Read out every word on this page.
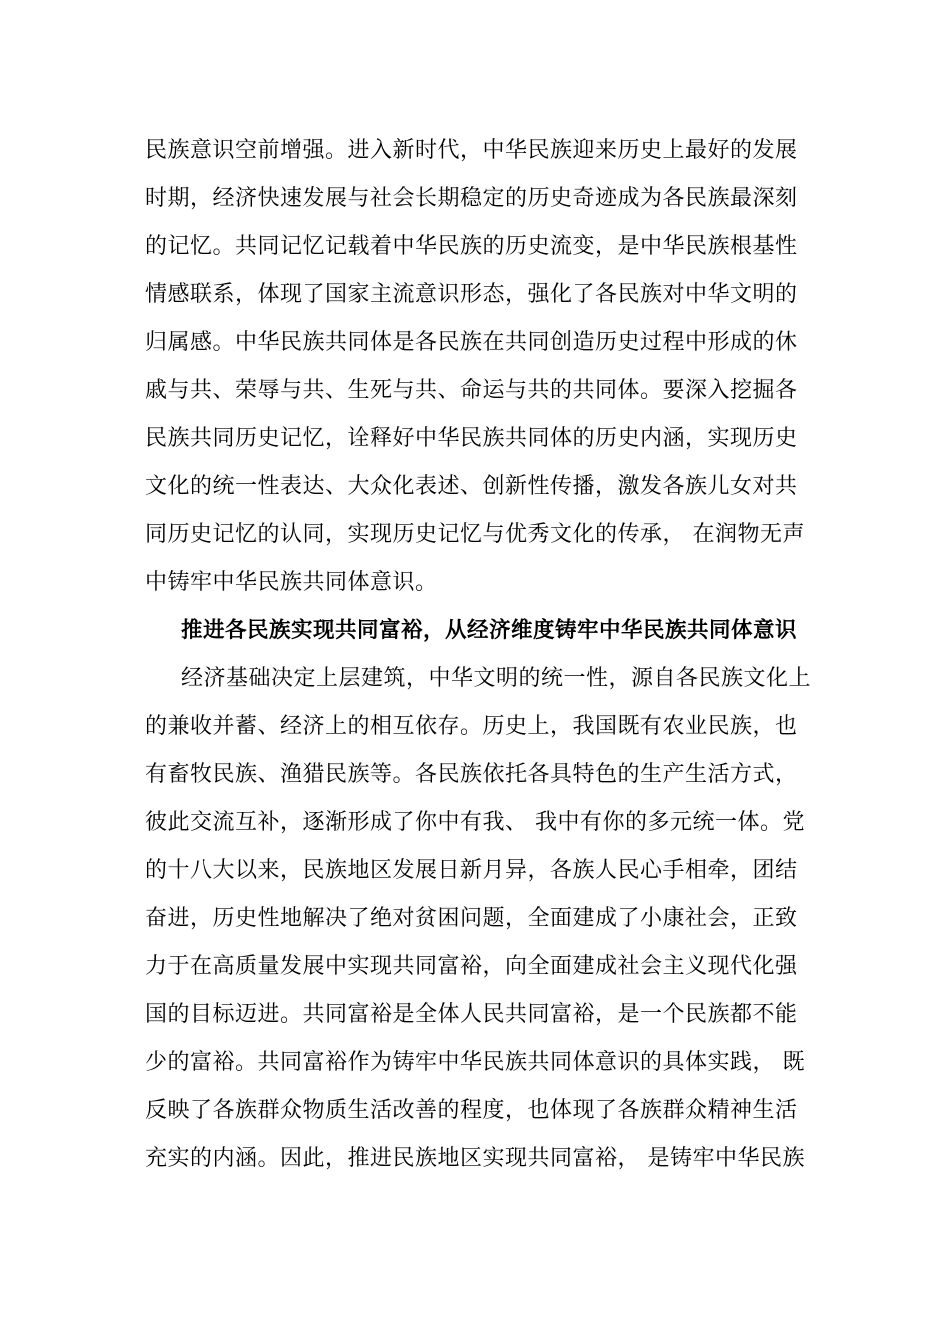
民族意识空前增强。进入新时代，中华民族迎来历史上最好的发展
时期，经济快速发展与社会长期稳定的历史奇迹成为各民族最深刻
的记忆。共同记忆记载着中华民族的历史流变，是中华民族根基性
情感联系，体现了国家主流意识形态，强化了各民族对中华文明的
归属感。中华民族共同体是各民族在共同创造历史过程中形成的休
戚与共、荣辱与共、生死与共、命运与共的共同体。要深入挖掘各
民族共同历史记忆，诠释好中华民族共同体的历史内涵，实现历史
文化的统一性表达、大众化表述、创新性传播，激发各族儿女对共
同历史记忆的认同，实现历史记忆与优秀文化的传承， 在润物无声
中铸牢中华民族共同体意识。
推进各民族实现共同富裕，从经济维度铸牢中华民族共同体意识
经济基础决定上层建筑，中华文明的统一性，源自各民族文化上
的兼收并蓄、经济上的相互依存。历史上，我国既有农业民族，也
有畜牧民族、渔猎民族等。各民族依托各具特色的生产生活方式，
彼此交流互补，逐渐形成了你中有我、 我中有你的多元统一体。党
的十八大以来，民族地区发展日新月异，各族人民心手相牵，团结
奋进，历史性地解决了绝对贫困问题，全面建成了小康社会，正致
力于在高质量发展中实现共同富裕，向全面建成社会主义现代化强
国的目标迈进。共同富裕是全体人民共同富裕，是一个民族都不能
少的富裕。共同富裕作为铸牢中华民族共同体意识的具体实践， 既
反映了各族群众物质生活改善的程度，也体现了各族群众精神生活
充实的内涵。因此，推进民族地区实现共同富裕， 是铸牢中华民族
